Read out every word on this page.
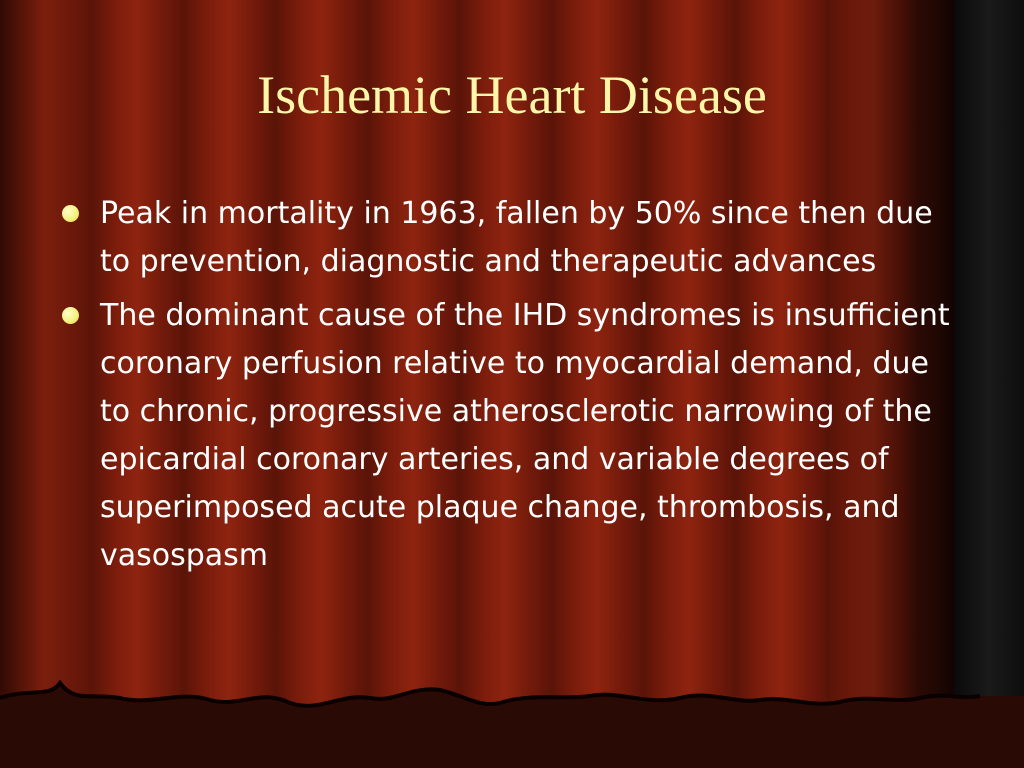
Ischemic Heart Disease
Peak in mortality in 1963, fallen by 50% since then due to prevention, diagnostic and therapeutic advances
The dominant cause of the IHD syndromes is insufficient coronary perfusion relative to myocardial demand, due to chronic, progressive atherosclerotic narrowing of the epicardial coronary arteries, and variable degrees of superimposed acute plaque change, thrombosis, and vasospasm
